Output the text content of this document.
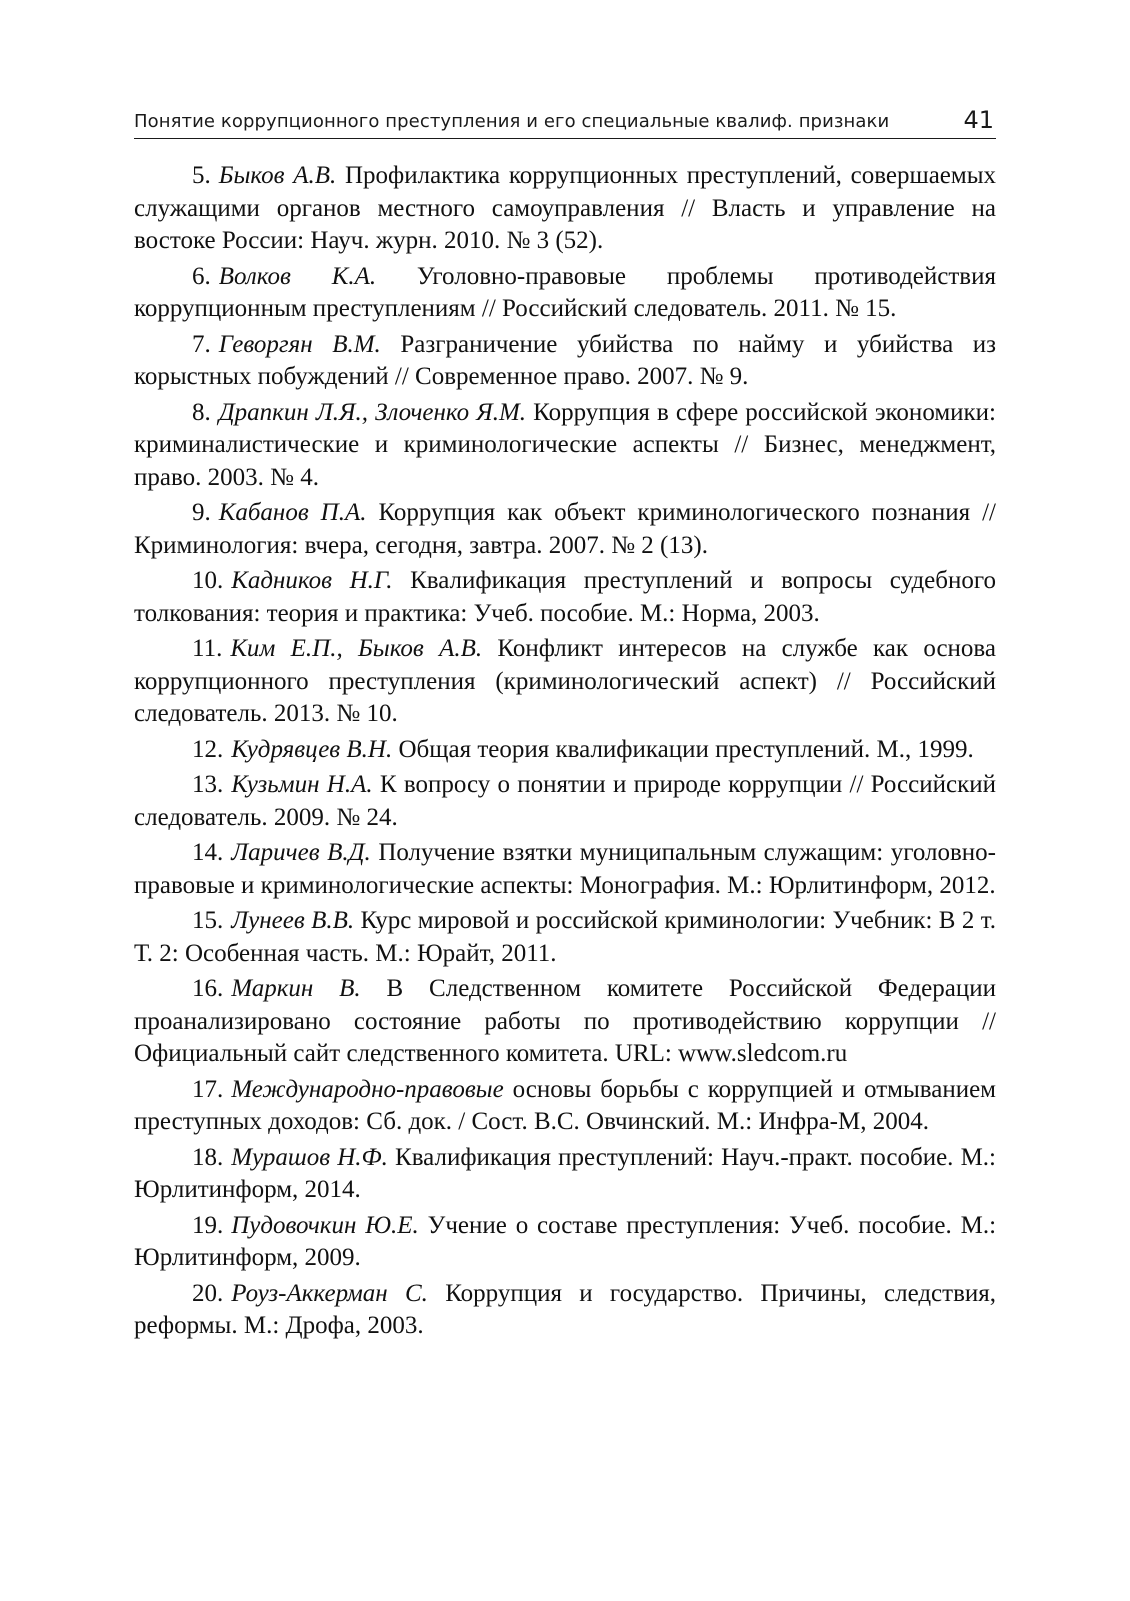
Понятие коррупционного преступления и его специальные квалиф. признаки	41
5. Быков А.В. Профилактика коррупционных преступлений, совершаемых служащими органов местного самоуправления // Власть и управление на востоке России: Науч. журн. 2010. № 3 (52).
6. Волков К.А. Уголовно-правовые проблемы противодействия коррупционным преступлениям // Российский следователь. 2011. № 15.
7. Геворгян В.М. Разграничение убийства по найму и убийства из корыстных побуждений // Современное право. 2007. № 9.
8. Драпкин Л.Я., Злоченко Я.М. Коррупция в сфере российской экономики: криминалистические и криминологические аспекты // Бизнес, менеджмент, право. 2003. № 4.
9. Кабанов П.А. Коррупция как объект криминологического познания // Криминология: вчера, сегодня, завтра. 2007. № 2 (13).
10. Кадников Н.Г. Квалификация преступлений и вопросы судебного толкования: теория и практика: Учеб. пособие. М.: Норма, 2003.
11. Ким Е.П., Быков А.В. Конфликт интересов на службе как основа коррупционного преступления (криминологический аспект) // Российский следователь. 2013. № 10.
12. Кудрявцев В.Н. Общая теория квалификации преступлений. М., 1999.
13. Кузьмин Н.А. К вопросу о понятии и природе коррупции // Российский следователь. 2009. № 24.
14. Ларичев В.Д. Получение взятки муниципальным служащим: уголовно-правовые и криминологические аспекты: Монография. М.: Юрлитинформ, 2012.
15. Лунеев В.В. Курс мировой и российской криминологии: Учебник: В 2 т. Т. 2: Особенная часть. М.: Юрайт, 2011.
16. Маркин В. В Следственном комитете Российской Федерации проанализировано состояние работы по противодействию коррупции // Официальный сайт следственного комитета. URL: www.sledcom.ru
17. Международно-правовые основы борьбы с коррупцией и отмыванием преступных доходов: Сб. док. / Сост. В.С. Овчинский. М.: Инфра-М, 2004.
18. Мурашов Н.Ф. Квалификация преступлений: Науч.-практ. пособие. М.: Юрлитинформ, 2014.
19. Пудовочкин Ю.Е. Учение о составе преступления: Учеб. пособие. М.: Юрлитинформ, 2009.
20. Роуз-Аккерман С. Коррупция и государство. Причины, следствия, реформы. М.: Дрофа, 2003.
